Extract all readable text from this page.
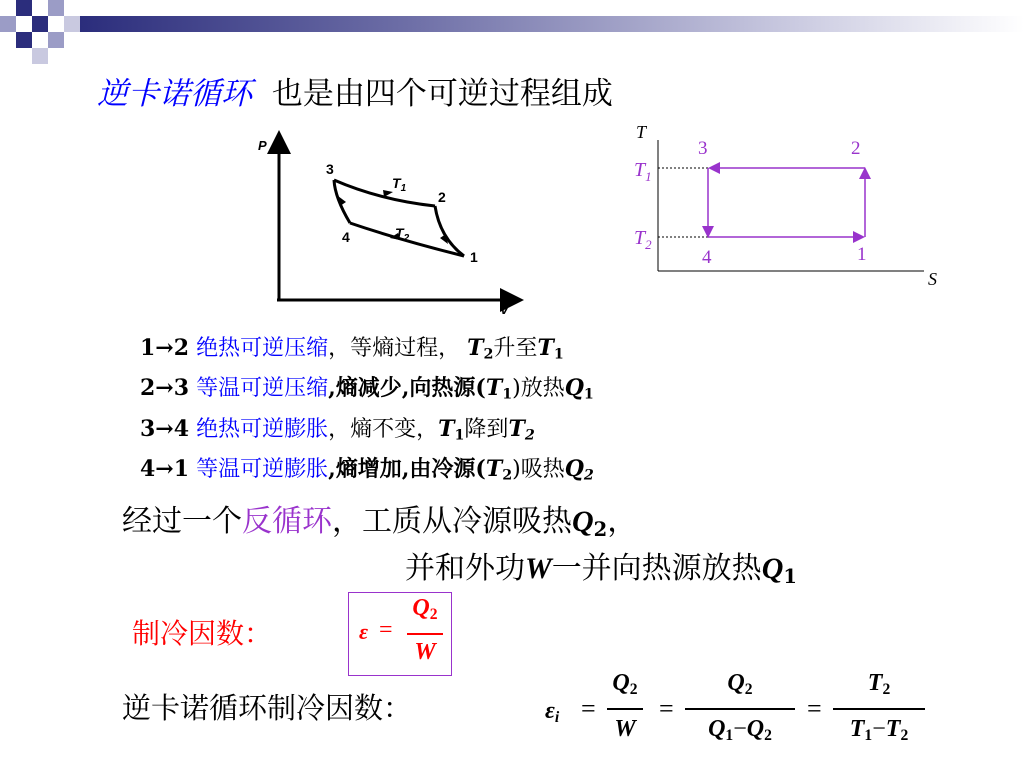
逆卡诺循环 也是由四个可逆过程组成
P
V
3
2
4
1
$T_1$
$T_2$
T
S
$T_1$
$T_2$
3	2
4	1
1→2 绝热可逆压缩，等熵过程， $T_2$升至$T_1$
2→3 等温可逆压缩,熵减少,向热源$(T_1)$放热$Q_1$
3→4 绝热可逆膨胀，熵不变，$T_1$降到$T_2$
4→1 等温可逆膨胀,熵增加,由冷源$(T_2)$吸热$Q_2$
经过一个反循环，工质从冷源吸热$Q_2$，
并和外功W一并向热源放热$Q_1$
制冷因数：	ε =
$Q_2$
W
逆卡诺循环制冷因数：	$\varepsilon_i$ =
$Q_2$
W
=
$Q_2$
$Q_1-Q_2$
=
$T_2$
$T_1-T_2$
